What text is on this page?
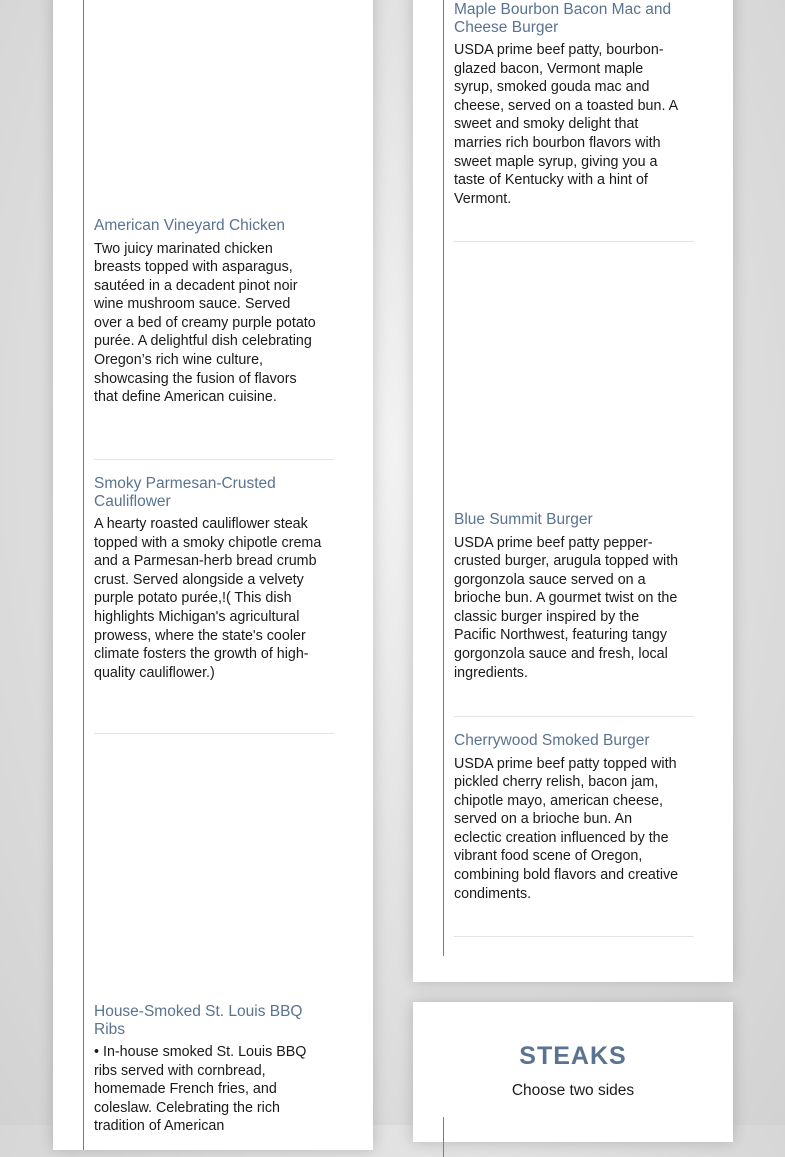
American Vineyard Chicken

Two juicy marinated chicken breasts topped with asparagus, sautéed in a decadent pinot noir wine mushroom sauce. Served over a bed of creamy purple potato purée. A delightful dish celebrating Oregon’s rich wine culture, showcasing the fusion of flavors that define American cuisine.

Smoky Parmesan-Crusted Cauliflower

A hearty roasted cauliflower steak topped with a smoky chipotle crema and a Parmesan-herb bread crumb crust. Served alongside a velvety purple potato purée,!( This dish highlights Michigan's agricultural prowess, where the state's cooler climate fosters the growth of high-quality cauliflower.)

House-Smoked St. Louis BBQ Ribs

• In-house smoked St. Louis BBQ ribs served with cornbread, homemade French fries, and coleslaw. Celebrating the rich tradition of American

Maple Bourbon Bacon Mac and Cheese Burger

USDA prime beef patty, bourbon-glazed bacon, Vermont maple syrup, smoked gouda mac and cheese, served on a toasted bun. A sweet and smoky delight that marries rich bourbon flavors with sweet maple syrup, giving you a taste of Kentucky with a hint of Vermont.

Blue Summit Burger

USDA prime beef patty pepper-crusted burger, arugula topped with gorgonzola sauce served on a brioche bun. A gourmet twist on the classic burger inspired by the Pacific Northwest, featuring tangy gorgonzola sauce and fresh, local ingredients.

Cherrywood Smoked Burger

USDA prime beef patty topped with pickled cherry relish, bacon jam, chipotle mayo, american cheese, served on a brioche bun. An eclectic creation influenced by the vibrant food scene of Oregon, combining bold flavors and creative condiments.

STEAKS

Choose two sides
